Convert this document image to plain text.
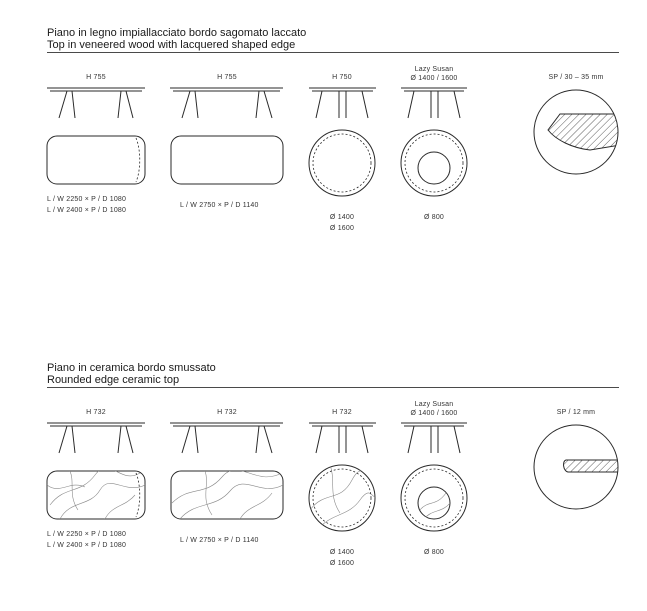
Piano in legno impiallacciato bordo sagomato laccato
Top in veneered wood with lacquered shaped edge
H 755	H 755	H 750
Lazy Susan
Ø 1400 / 1600	SP / 30 – 35 mm
L / W 2250 × P / D 1080
L / W 2400 × P / D 1080
L / W 2750 × P / D 1140
Ø 1400
Ø 1600
Ø 800
Piano in ceramica bordo smussato
Rounded edge ceramic top
H 732	H 732	H 732
Lazy Susan
Ø 1400 / 1600	SP / 12 mm
L / W 2250 × P / D 1080
L / W 2400 × P / D 1080
L / W 2750 × P / D 1140
Ø 1400
Ø 1600
Ø 800
